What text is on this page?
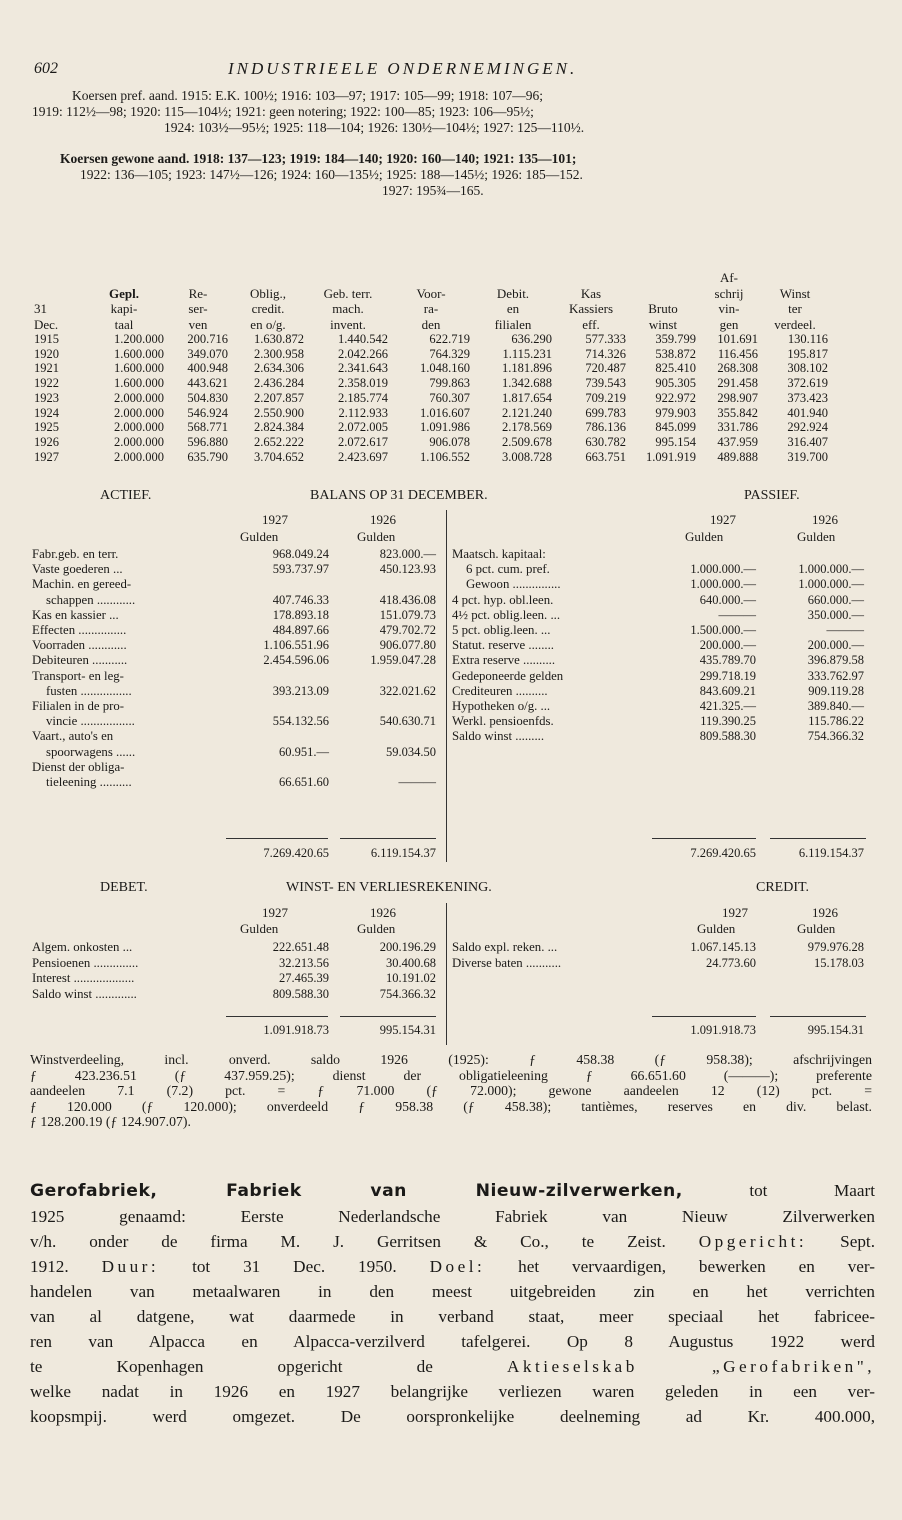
602	INDUSTRIEELE ONDERNEMINGEN.
Koersen pref. aand. 1915: E.K. 100½; 1916: 103—97; 1917: 105—99; 1918: 107—96;
1919: 112½—98; 1920: 115—104½; 1921: geen notering; 1922: 100—85; 1923: 106—95½;
1924: 103½—95½; 1925: 118—104; 1926: 130½—104½; 1927: 125—110½.
Koersen gewone aand. 1918: 137—123; 1919: 184—140; 1920: 160—140; 1921: 135—101;
1922: 136—105; 1923: 147½—126; 1924: 160—135½; 1925: 188—145½; 1926: 185—152.
1927: 195¾—165.
									Af-	
	Gepl.	Re-	Oblig.,	Geb. terr.	Voor-	Debit.	Kas		schrij	Winst
31	kapi-	ser-	credit.	mach.	ra-	en	Kassiers	Bruto	vin-	ter
Dec.	taal	ven	en o/g.	invent.	den	filialen	eff.	winst	gen	verdeel.
1915	1.200.000	200.716	1.630.872	1.440.542	622.719	636.290	577.333	359.799	101.691	130.116
1920	1.600.000	349.070	2.300.958	2.042.266	764.329	1.115.231	714.326	538.872	116.456	195.817
1921	1.600.000	400.948	2.634.306	2.341.643	1.048.160	1.181.896	720.487	825.410	268.308	308.102
1922	1.600.000	443.621	2.436.284	2.358.019	799.863	1.342.688	739.543	905.305	291.458	372.619
1923	2.000.000	504.830	2.207.857	2.185.774	760.307	1.817.654	709.219	922.972	298.907	373.423
1924	2.000.000	546.924	2.550.900	2.112.933	1.016.607	2.121.240	699.783	979.903	355.842	401.940
1925	2.000.000	568.771	2.824.384	2.072.005	1.091.986	2.178.569	786.136	845.099	331.786	292.924
1926	2.000.000	596.880	2.652.222	2.072.617	906.078	2.509.678	630.782	995.154	437.959	316.407
1927	2.000.000	635.790	3.704.652	2.423.697	1.106.552	3.008.728	663.751	1.091.919	489.888	319.700
ACTIEF.	BALANS OP 31 DECEMBER.	PASSIEF.
1927	1926	1927	1926
Gulden	Gulden	Gulden	Gulden
Fabr.geb. en terr.	968.049.24	823.000.—
Vaste goederen ...	593.737.97	450.123.93
Machin. en gereed-
schappen ............	407.746.33	418.436.08
Kas en kassier ...	178.893.18	151.079.73
Effecten ...............	484.897.66	479.702.72
Voorraden ............	1.106.551.96	906.077.80
Debiteuren ...........	2.454.596.06	1.959.047.28
Transport- en leg-
fusten ................	393.213.09	322.021.62
Filialen in de pro-
vincie .................	554.132.56	540.630.71
Vaart., auto's en
spoorwagens ......	60.951.—	59.034.50
Dienst der obliga-
tieleening ..........	66.651.60	———
Maatsch. kapitaal:
6 pct. cum. pref.	1.000.000.—	1.000.000.—
Gewoon ...............	1.000.000.—	1.000.000.—
4 pct. hyp. obl.leen.	640.000.—	660.000.—
4½ pct. oblig.leen. ...	———	350.000.—
5 pct. oblig.leen. ...	1.500.000.—	———
Statut. reserve ........	200.000.—	200.000.—
Extra reserve ..........	435.789.70	396.879.58
Gedeponeerde gelden	299.718.19	333.762.97
Crediteuren ..........	843.609.21	909.119.28
Hypotheken o/g. ...	421.325.—	389.840.—
Werkl. pensioenfds.	119.390.25	115.786.22
Saldo winst .........	809.588.30	754.366.32
7.269.420.65	6.119.154.37	7.269.420.65	6.119.154.37
DEBET.	WINST- EN VERLIESREKENING.	CREDIT.
1927	1926	1927	1926
Gulden	Gulden	Gulden	Gulden
Algem. onkosten ...	222.651.48	200.196.29
Pensioenen ..............	32.213.56	30.400.68
Interest ...................	27.465.39	10.191.02
Saldo winst .............	809.588.30	754.366.32
Saldo expl. reken. ...	1.067.145.13	979.976.28
Diverse baten ...........	24.773.60	15.178.03
1.091.918.73	995.154.31	1.091.918.73	995.154.31
Winstverdeeling, incl. onverd. saldo 1926 (1925): ƒ 458.38 (ƒ 958.38); afschrijvingen
ƒ 423.236.51 (ƒ 437.959.25); dienst der obligatieleening ƒ 66.651.60 (———); preferente
aandeelen 7.1 (7.2) pct. = ƒ 71.000 (ƒ 72.000); gewone aandeelen 12 (12) pct. =
ƒ 120.000 (ƒ 120.000); onverdeeld ƒ 958.38 (ƒ 458.38); tantièmes, reserves en div. belast.
ƒ 128.200.19 (ƒ 124.907.07).
Gerofabriek, Fabriek van Nieuw-zilverwerken,	tot Maart
1925 genaamd: Eerste Nederlandsche Fabriek van Nieuw Zilverwerken
v/h. onder de firma M. J. Gerritsen & Co., te Zeist. Opgericht: Sept.
1912. Duur: tot 31 Dec. 1950. Doel: het vervaardigen, bewerken en ver-
handelen van metaalwaren in den meest uitgebreiden zin en het verrichten
van al datgene, wat daarmede in verband staat, meer speciaal het fabricee-
ren van Alpacca en Alpacca-verzilverd tafelgerei. Op 8 Augustus 1922 werd
te Kopenhagen opgericht de	Aktieselskab	„Gerofabriken",
welke nadat in 1926 en 1927 belangrijke verliezen waren geleden in een ver-
koopsmpij. werd omgezet. De oorspronkelijke deelneming ad Kr. 400.000,
